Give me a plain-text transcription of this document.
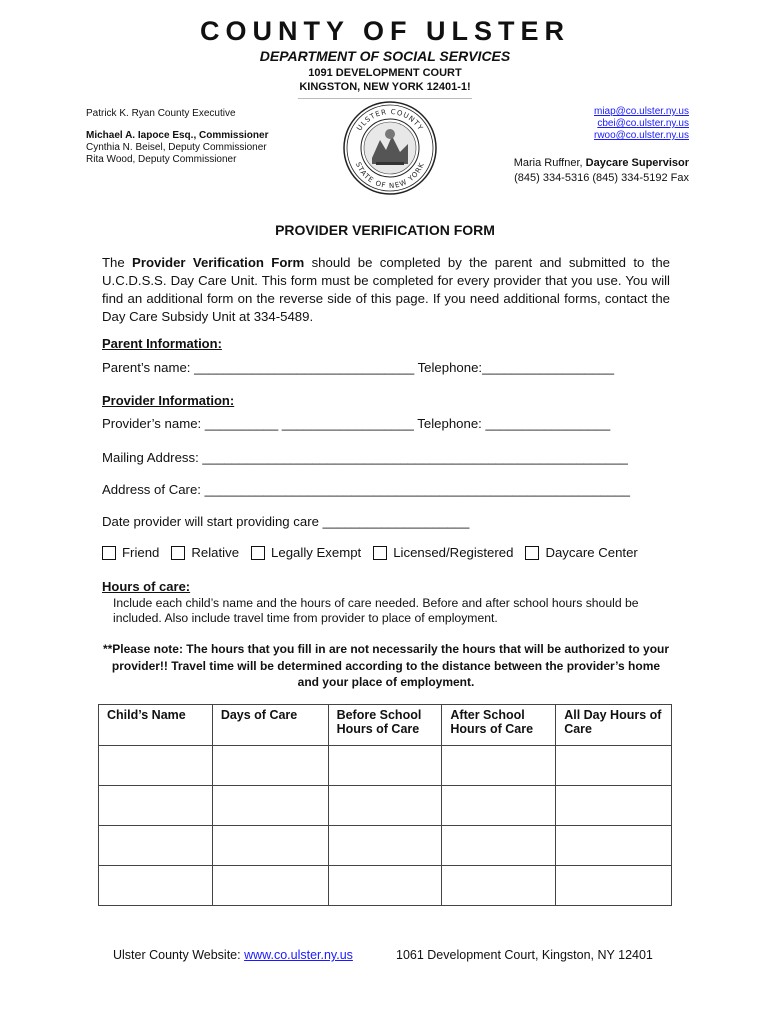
COUNTY OF ULSTER
DEPARTMENT OF SOCIAL SERVICES
1091 DEVELOPMENT COURT
KINGSTON, NEW YORK 12401-1!
Patrick K. Ryan County Executive
Michael A. Iapoce Esq., Commissioner
Cynthia N. Beisel, Deputy Commissioner
Rita Wood, Deputy Commissioner
ULSTER COUNTY
STATE OF NEW YORK
miap@co.ulster.ny.us
cbei@co.ulster.ny.us
rwoo@co.ulster.ny.us
Maria Ruffner, Daycare Supervisor
(845) 334-5316 (845) 334-5192 Fax
PROVIDER VERIFICATION FORM
The Provider Verification Form should be completed by the parent and submitted to the U.C.D.S.S. Day Care Unit. This form must be completed for every provider that you use. You will find an additional form on the reverse side of this page. If you need additional forms, contact the Day Care Subsidy Unit at 334-5489.
Parent Information:
Parent’s name: ______________________________ Telephone:__________________
Provider Information:
Provider’s name: __________ __________________ Telephone: _________________
Mailing Address: __________________________________________________________
Address of Care: __________________________________________________________
Date provider will start providing care ____________________
Friend Relative Legally Exempt Licensed/Registered Daycare Center
Hours of care:
Include each child’s name and the hours of care needed. Before and after school hours should be included. Also include travel time from provider to place of employment.
**Please note: The hours that you fill in are not necessarily the hours that will be authorized to your provider!! Travel time will be determined according to the distance between the provider’s home and your place of employment.
Child’s Name	Days of Care	Before School Hours of Care	After School Hours of Care	All Day Hours of Care

Ulster County Website: www.co.ulster.ny.us	1061 Development Court, Kingston, NY 12401
